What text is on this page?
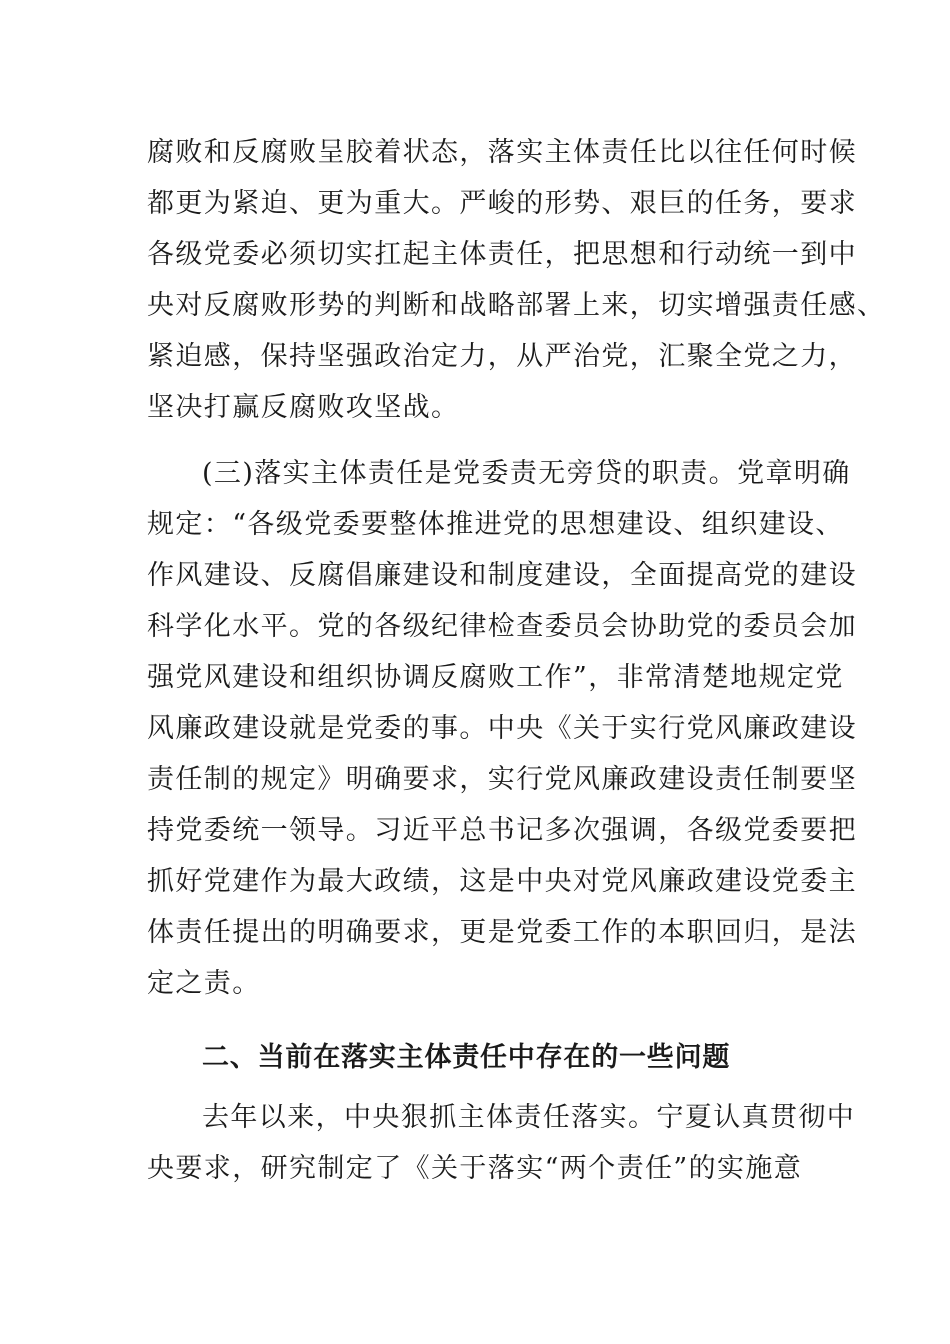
腐败和反腐败呈胶着状态，落实主体责任比以往任何时候
都更为紧迫、更为重大。严峻的形势、艰巨的任务，要求
各级党委必须切实扛起主体责任，把思想和行动统一到中
央对反腐败形势的判断和战略部署上来，切实增强责任感、
紧迫感，保持坚强政治定力，从严治党，汇聚全党之力，
坚决打赢反腐败攻坚战。
(三)落实主体责任是党委责无旁贷的职责。党章明确
规定：“各级党委要整体推进党的思想建设、组织建设、
作风建设、反腐倡廉建设和制度建设，全面提高党的建设
科学化水平。党的各级纪律检查委员会协助党的委员会加
强党风建设和组织协调反腐败工作”，非常清楚地规定党
风廉政建设就是党委的事。中央《关于实行党风廉政建设
责任制的规定》明确要求，实行党风廉政建设责任制要坚
持党委统一领导。习近平总书记多次强调，各级党委要把
抓好党建作为最大政绩，这是中央对党风廉政建设党委主
体责任提出的明确要求，更是党委工作的本职回归，是法
定之责。
二、当前在落实主体责任中存在的一些问题
去年以来，中央狠抓主体责任落实。宁夏认真贯彻中
央要求，研究制定了《关于落实“两个责任”的实施意
